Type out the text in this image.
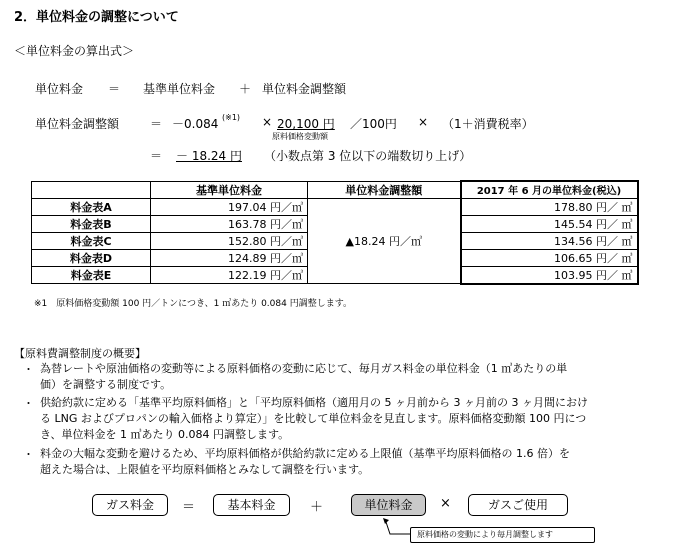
2．単位料金の調整について
＜単位料金の算出式＞
単位料金 ＝ 基準単位料金 ＋ 単位料金調整額
単位料金調整額	＝ －0.084 (※1) × 20,100 円
原料価格変動額
／100円 × （1＋消費税率）
＝ － 18.24 円 （小数点第 3 位以下の端数切り上げ）
	基準単位料金	単位料金調整額	2017 年 6 月の単位料金(税込)
料金表A	197.04 円／㎥	▲18.24 円／㎥	178.80 円／ ㎥
料金表B	163.78 円／㎥		145.54 円／ ㎥
料金表C	152.80 円／㎥		134.56 円／ ㎥
料金表D	124.89 円／㎥		106.65 円／ ㎥
料金表E	122.19 円／㎥		103.95 円／ ㎥
※1　原料価格変動額 100 円／トンにつき、1 ㎥あたり 0.084 円調整します。
【原料費調整制度の概要】
・ 為替レートや原油価格の変動等による原料価格の変動に応じて、毎月ガス料金の単位料金（1 ㎥あたりの単
価）を調整する制度です。
・ 供給約款に定める「基準平均原料価格」と「平均原料価格（適用月の 5 ヶ月前から 3 ヶ月前の 3 ヶ月間におけ
る LNG およびプロパンの輸入価格より算定）」を比較して単位料金を見直します。原料価格変動額 100 円につ
き、単位料金を 1 ㎥あたり 0.084 円調整します。
・ 料金の大幅な変動を避けるため、平均原料価格が供給約款に定める上限値（基準平均原料価格の 1.6 倍）を
超えた場合は、上限値を平均原料価格とみなして調整を行います。
ガス料金	＝	基本料金	＋	単位料金	×	ガスご使用
原料価格の変動により毎月調整します
